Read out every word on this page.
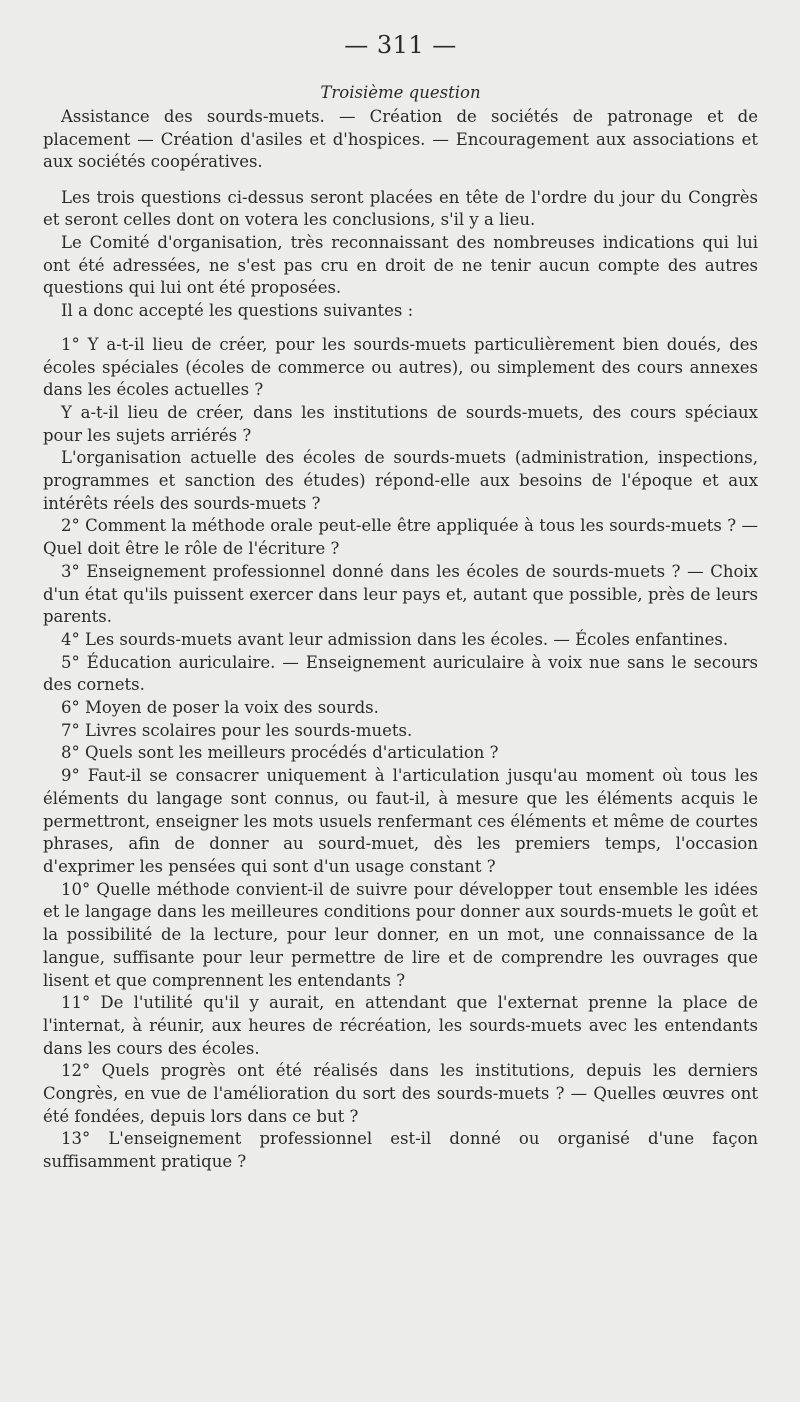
— 311 —
Troisième question

Assistance des sourds-muets. — Création de sociétés de patronage et de placement — Création d'asiles et d'hospices. — Encouragement aux associations et aux sociétés coopératives.

Les trois questions ci-dessus seront placées en tête de l'ordre du jour du Congrès et seront celles dont on votera les conclusions, s'il y a lieu.

Le Comité d'organisation, très reconnaissant des nombreuses indications qui lui ont été adressées, ne s'est pas cru en droit de ne tenir aucun compte des autres questions qui lui ont été proposées.

Il a donc accepté les questions suivantes :

1° Y a-t-il lieu de créer, pour les sourds-muets particulièrement bien doués, des écoles spéciales (écoles de commerce ou autres), ou simplement des cours annexes dans les écoles actuelles ?

Y a-t-il lieu de créer, dans les institutions de sourds-muets, des cours spéciaux pour les sujets arriérés ?

L'organisation actuelle des écoles de sourds-muets (administration, inspections, programmes et sanction des études) répond-elle aux besoins de l'époque et aux intérêts réels des sourds-muets ?

2° Comment la méthode orale peut-elle être appliquée à tous les sourds-muets ? — Quel doit être le rôle de l'écriture ?

3° Enseignement professionnel donné dans les écoles de sourds-muets ? — Choix d'un état qu'ils puissent exercer dans leur pays et, autant que possible, près de leurs parents.

4° Les sourds-muets avant leur admission dans les écoles. — Écoles enfantines.

5° Éducation auriculaire. — Enseignement auriculaire à voix nue sans le secours des cornets.

6° Moyen de poser la voix des sourds.

7° Livres scolaires pour les sourds-muets.

8° Quels sont les meilleurs procédés d'articulation ?

9° Faut-il se consacrer uniquement à l'articulation jusqu'au moment où tous les éléments du langage sont connus, ou faut-il, à mesure que les éléments acquis le permettront, enseigner les mots usuels renfermant ces éléments et même de courtes phrases, afin de donner au sourd-muet, dès les premiers temps, l'occasion d'exprimer les pensées qui sont d'un usage constant ?

10° Quelle méthode convient-il de suivre pour développer tout ensemble les idées et le langage dans les meilleures conditions pour donner aux sourds-muets le goût et la possibilité de la lecture, pour leur donner, en un mot, une connaissance de la langue, suffisante pour leur permettre de lire et de comprendre les ouvrages que lisent et que comprennent les entendants ?

11° De l'utilité qu'il y aurait, en attendant que l'externat prenne la place de l'internat, à réunir, aux heures de récréation, les sourds-muets avec les entendants dans les cours des écoles.

12° Quels progrès ont été réalisés dans les institutions, depuis les derniers Congrès, en vue de l'amélioration du sort des sourds-muets ? — Quelles œuvres ont été fondées, depuis lors dans ce but ?

13° L'enseignement professionnel est-il donné ou organisé d'une façon suffisamment pratique ?
